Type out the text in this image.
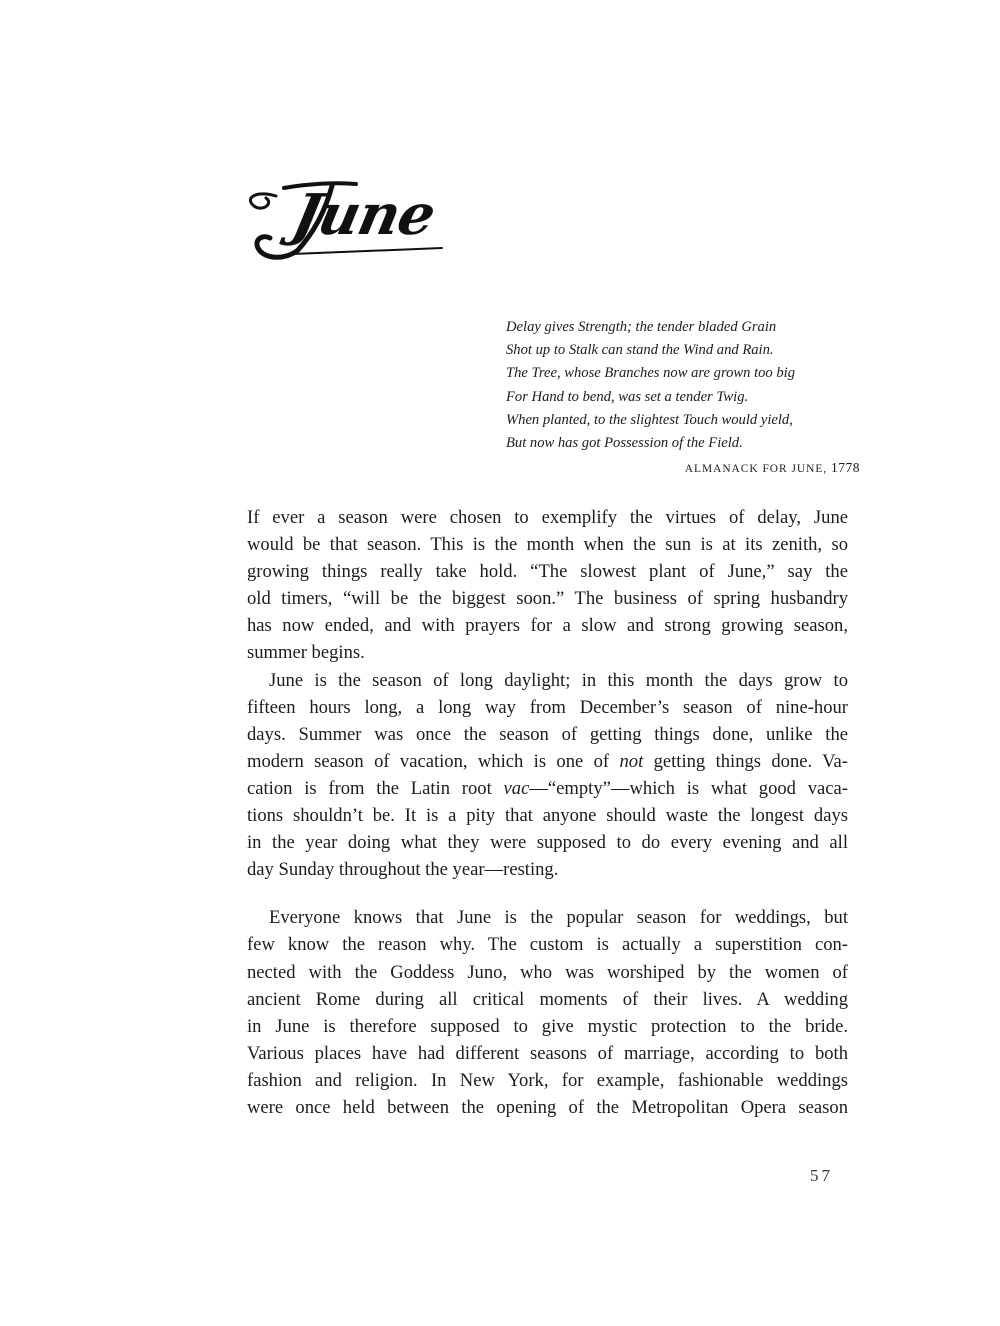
June
Delay gives Strength; the tender bladed Grain
Shot up to Stalk can stand the Wind and Rain.
The Tree, whose Branches now are grown too big
For Hand to bend, was set a tender Twig.
When planted, to the slightest Touch would yield,
But now has got Possession of the Field.
ALMANACK FOR JUNE, 1778
If ever a season were chosen to exemplify the virtues of delay, June
would be that season. This is the month when the sun is at its zenith, so
growing things really take hold. “The slowest plant of June,” say the
old timers, “will be the biggest soon.” The business of spring husbandry
has now ended, and with prayers for a slow and strong growing season,
summer begins.
June is the season of long daylight; in this month the days grow to
fifteen hours long, a long way from December’s season of nine-hour
days. Summer was once the season of getting things done, unlike the
modern season of vacation, which is one of not getting things done. Va-
cation is from the Latin root vac—“empty”—which is what good vaca-
tions shouldn’t be. It is a pity that anyone should waste the longest days
in the year doing what they were supposed to do every evening and all
day Sunday throughout the year—resting.
Everyone knows that June is the popular season for weddings, but
few know the reason why. The custom is actually a superstition con-
nected with the Goddess Juno, who was worshiped by the women of
ancient Rome during all critical moments of their lives. A wedding
in June is therefore supposed to give mystic protection to the bride.
Various places have had different seasons of marriage, according to both
fashion and religion. In New York, for example, fashionable weddings
were once held between the opening of the Metropolitan Opera season
57
